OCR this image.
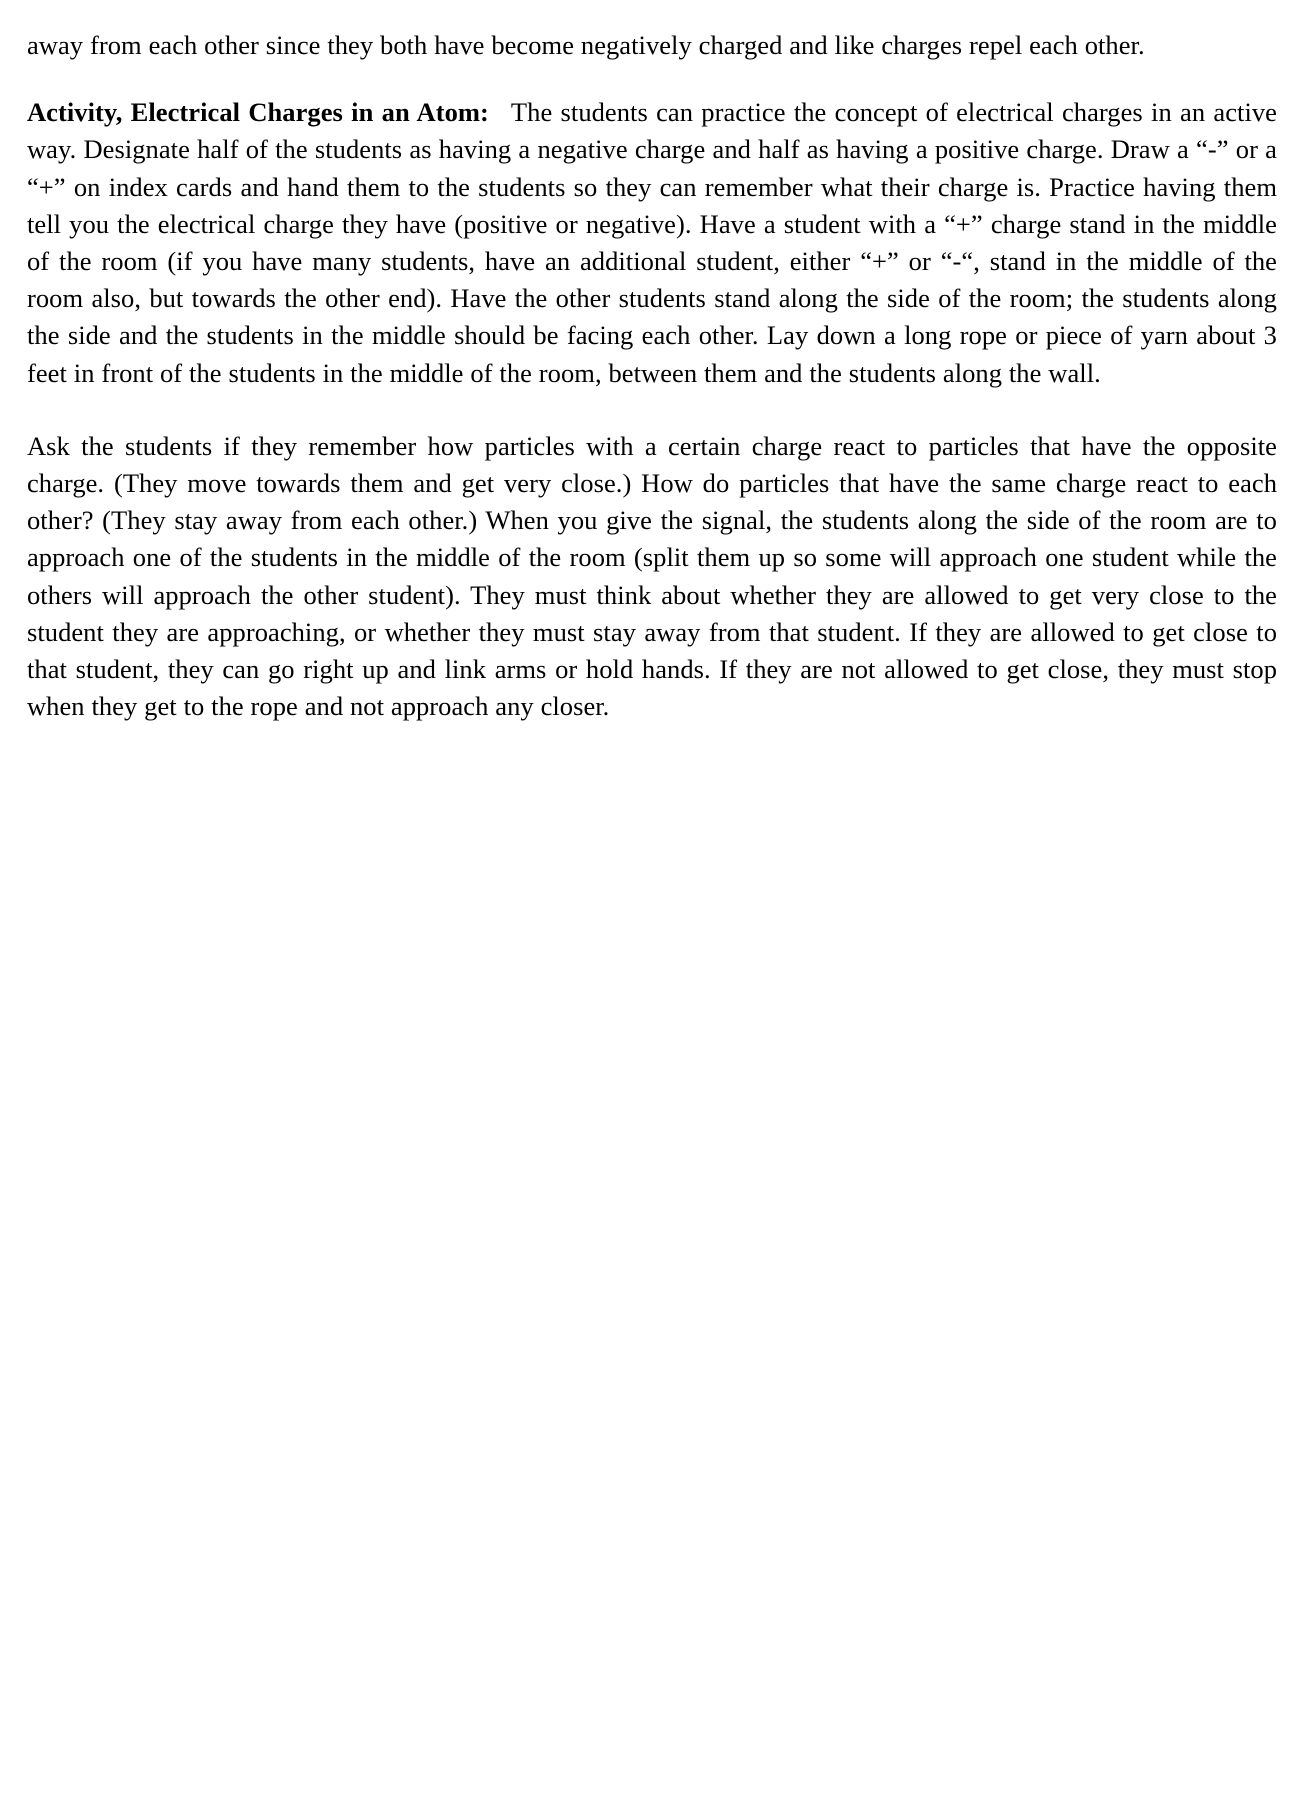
away from each other since they both have become negatively charged and like charges repel each other.

Activity, Electrical Charges in an Atom: The students can practice the concept of electrical charges in an active way. Designate half of the students as having a negative charge and half as having a positive charge. Draw a “-” or a “+” on index cards and hand them to the students so they can remember what their charge is. Practice having them tell you the electrical charge they have (positive or negative). Have a student with a “+” charge stand in the middle of the room (if you have many students, have an additional student, either “+” or “-“, stand in the middle of the room also, but towards the other end). Have the other students stand along the side of the room; the students along the side and the students in the middle should be facing each other. Lay down a long rope or piece of yarn about 3 feet in front of the students in the middle of the room, between them and the students along the wall.

Ask the students if they remember how particles with a certain charge react to particles that have the opposite charge. (They move towards them and get very close.) How do particles that have the same charge react to each other? (They stay away from each other.) When you give the signal, the students along the side of the room are to approach one of the students in the middle of the room (split them up so some will approach one student while the others will approach the other student). They must think about whether they are allowed to get very close to the student they are approaching, or whether they must stay away from that student. If they are allowed to get close to that student, they can go right up and link arms or hold hands. If they are not allowed to get close, they must stop when they get to the rope and not approach any closer.
